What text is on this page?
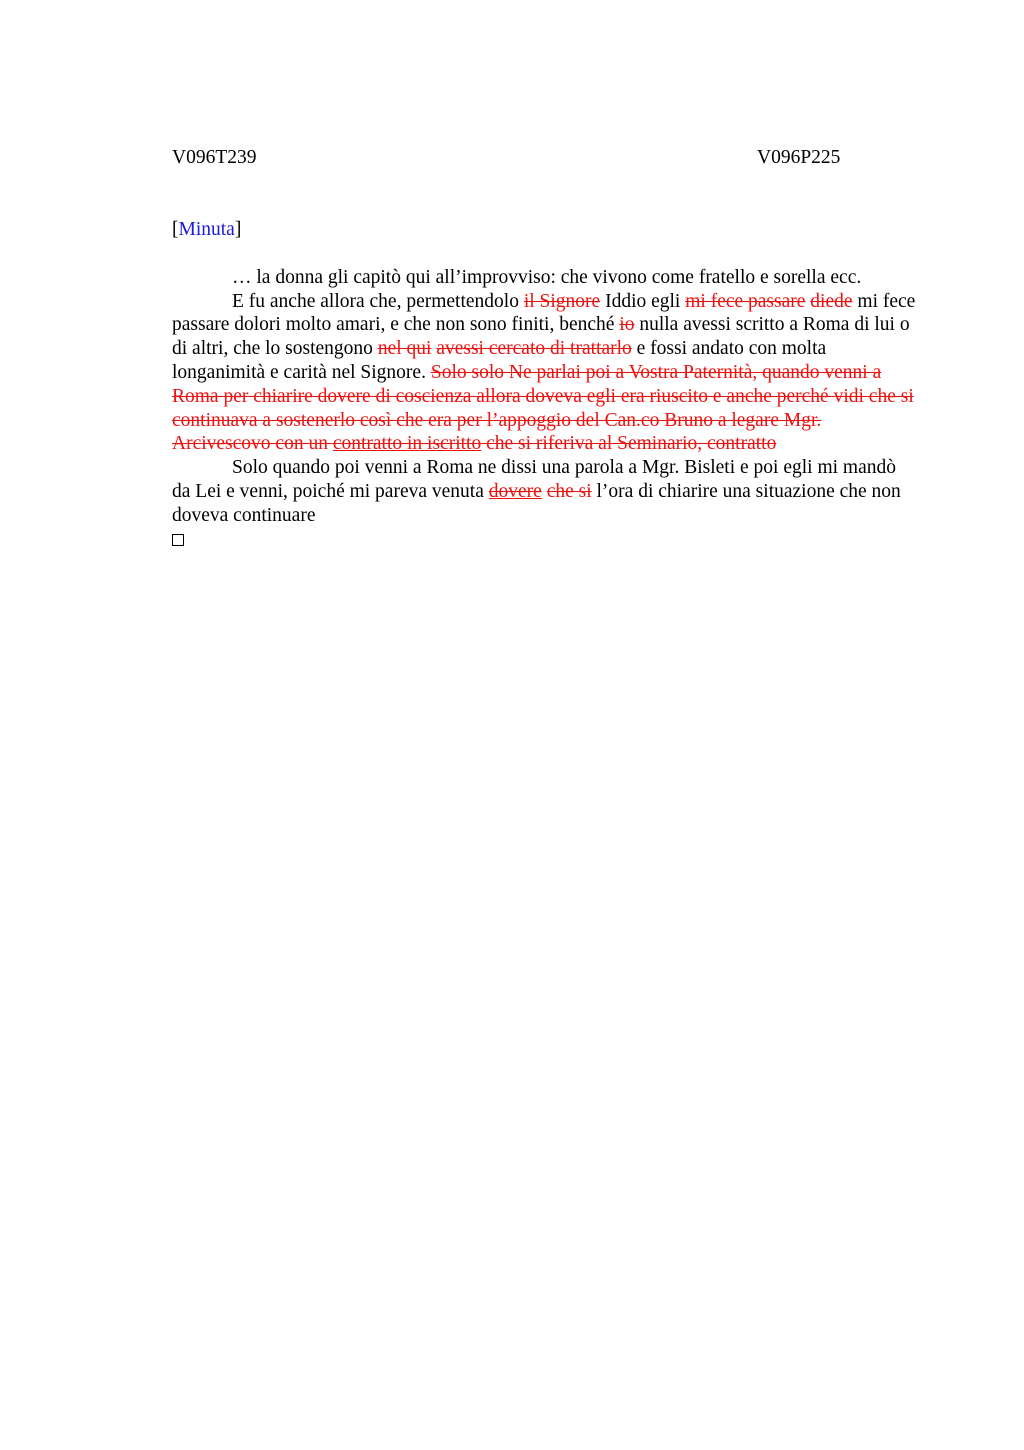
V096T239	V096P225
[Minuta]

… la donna gli capitò qui all’improvviso: che vivono come fratello e sorella ecc.

E fu anche allora che, permettendolo il Signore Iddio egli mi fece passare diede mi fece passare dolori molto amari, e che non sono finiti, benché io nulla avessi scritto a Roma di lui o di altri, che lo sostengono nel qui avessi cercato di trattarlo e fossi andato con molta longanimità e carità nel Signore. Solo solo Ne parlai poi a Vostra Paternità, quando venni a Roma per chiarire dovere di coscienza allora doveva egli era riuscito e anche perché vidi che si continuava a sostenerlo così che era per l’appoggio del Can.co Bruno a legare Mgr. Arcivescovo con un contratto in iscritto che si riferiva al Seminario, contratto

Solo quando poi venni a Roma ne dissi una parola a Mgr. Bisleti e poi egli mi mandò da Lei e venni, poiché mi pareva venuta dovere che si l’ora di chiarire una situazione che non doveva continuare
